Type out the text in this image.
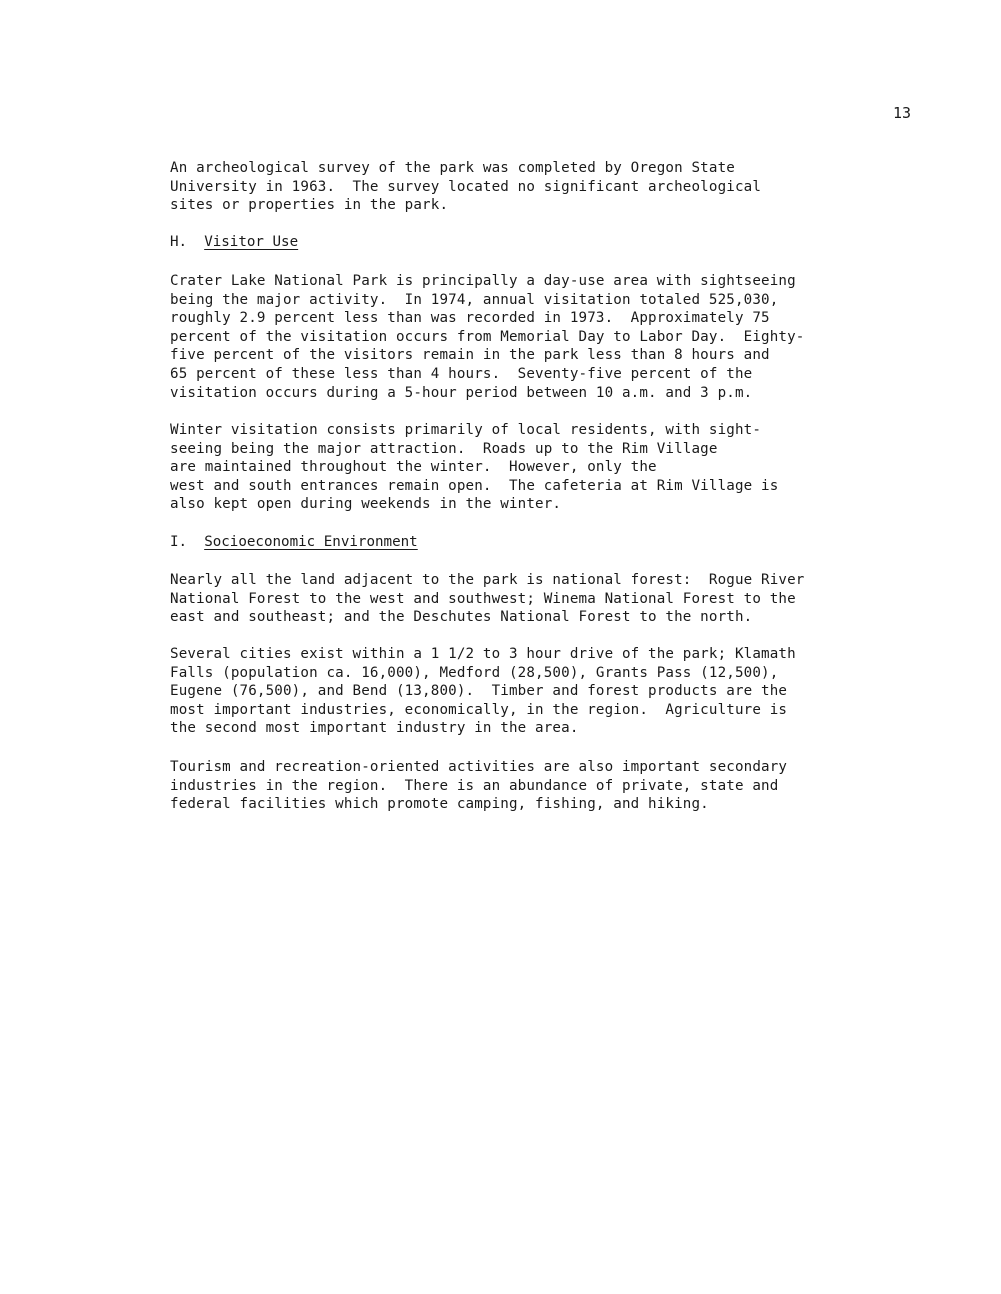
13
An archeological survey of the park was completed by Oregon State
University in 1963.  The survey located no significant archeological
sites or properties in the park.
H. Visitor Use
Crater Lake National Park is principally a day-use area with sightseeing
being the major activity.  In 1974, annual visitation totaled 525,030,
roughly 2.9 percent less than was recorded in 1973.  Approximately 75
percent of the visitation occurs from Memorial Day to Labor Day.  Eighty-
five percent of the visitors remain in the park less than 8 hours and
65 percent of these less than 4 hours.  Seventy-five percent of the
visitation occurs during a 5-hour period between 10 a.m. and 3 p.m.
Winter visitation consists primarily of local residents, with sight-
seeing being the major attraction.  Roads up to the Rim Village
are maintained throughout the winter.  However, only the
west and south entrances remain open.  The cafeteria at Rim Village is
also kept open during weekends in the winter.
I. Socioeconomic Environment
Nearly all the land adjacent to the park is national forest:  Rogue River
National Forest to the west and southwest; Winema National Forest to the
east and southeast; and the Deschutes National Forest to the north.
Several cities exist within a 1 1/2 to 3 hour drive of the park; Klamath
Falls (population ca. 16,000), Medford (28,500), Grants Pass (12,500),
Eugene (76,500), and Bend (13,800).  Timber and forest products are the
most important industries, economically, in the region.  Agriculture is
the second most important industry in the area.
Tourism and recreation-oriented activities are also important secondary
industries in the region.  There is an abundance of private, state and
federal facilities which promote camping, fishing, and hiking.
